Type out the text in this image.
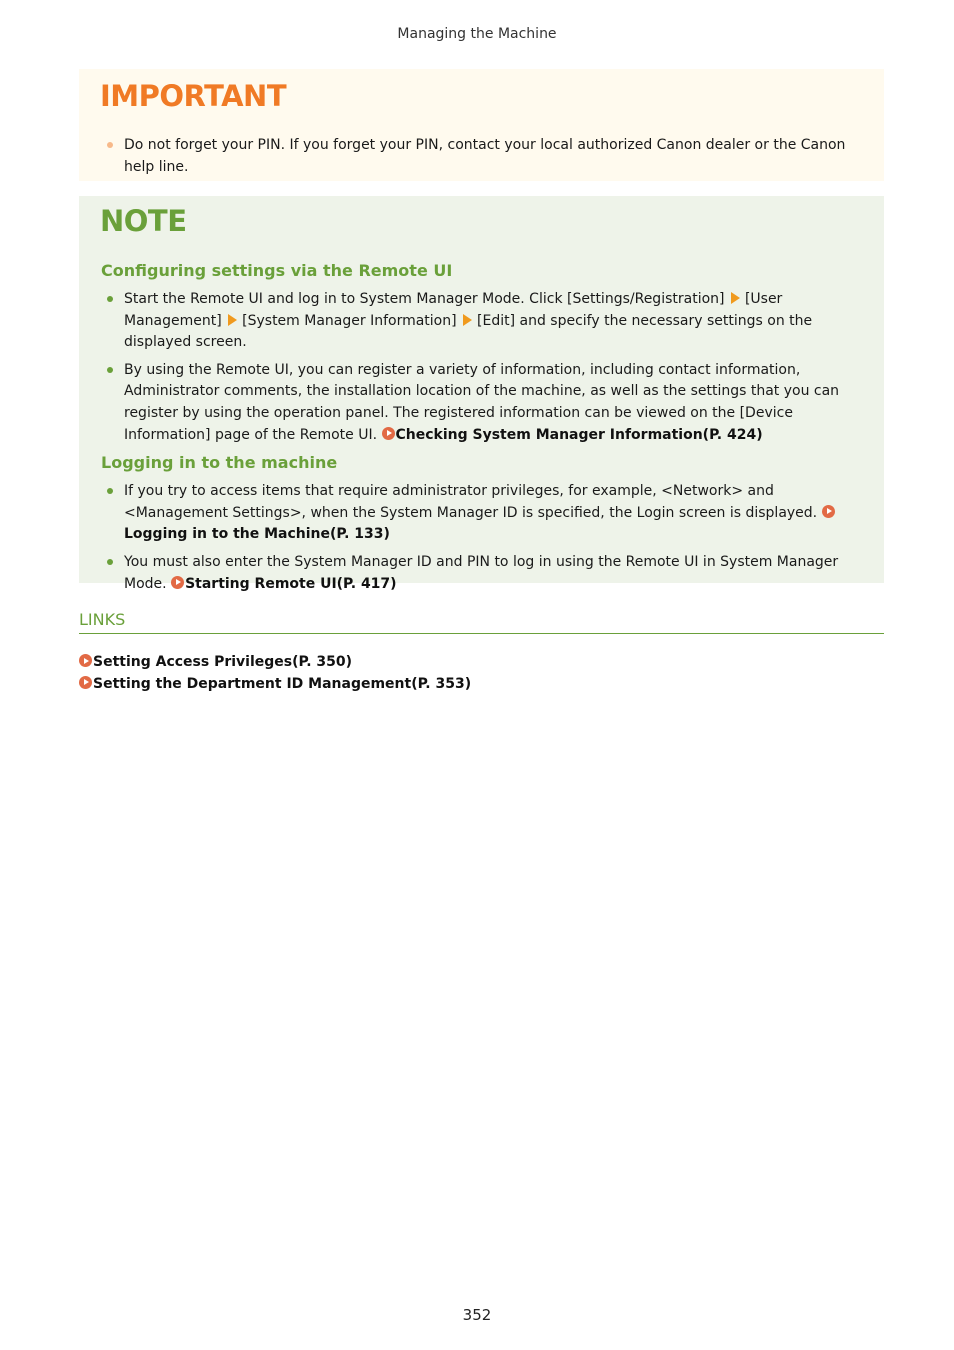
Managing the Machine
IMPORTANT
Do not forget your PIN. If you forget your PIN, contact your local authorized Canon dealer or the Canon help line.
NOTE
Configuring settings via the Remote UI
Start the Remote UI and log in to System Manager Mode. Click [Settings/Registration] [User Management] [System Manager Information] [Edit] and specify the necessary settings on the displayed screen.
By using the Remote UI, you can register a variety of information, including contact information, Administrator comments, the installation location of the machine, as well as the settings that you can register by using the operation panel. The registered information can be viewed on the [Device Information] page of the Remote UI. Checking System Manager Information(P. 424)
Logging in to the machine
If you try to access items that require administrator privileges, for example, <Network> and <Management Settings>, when the System Manager ID is specified, the Login screen is displayed. Logging in to the Machine(P. 133)
You must also enter the System Manager ID and PIN to log in using the Remote UI in System Manager Mode. Starting Remote UI(P. 417)
LINKS
Setting Access Privileges(P. 350)
Setting the Department ID Management(P. 353)
352
